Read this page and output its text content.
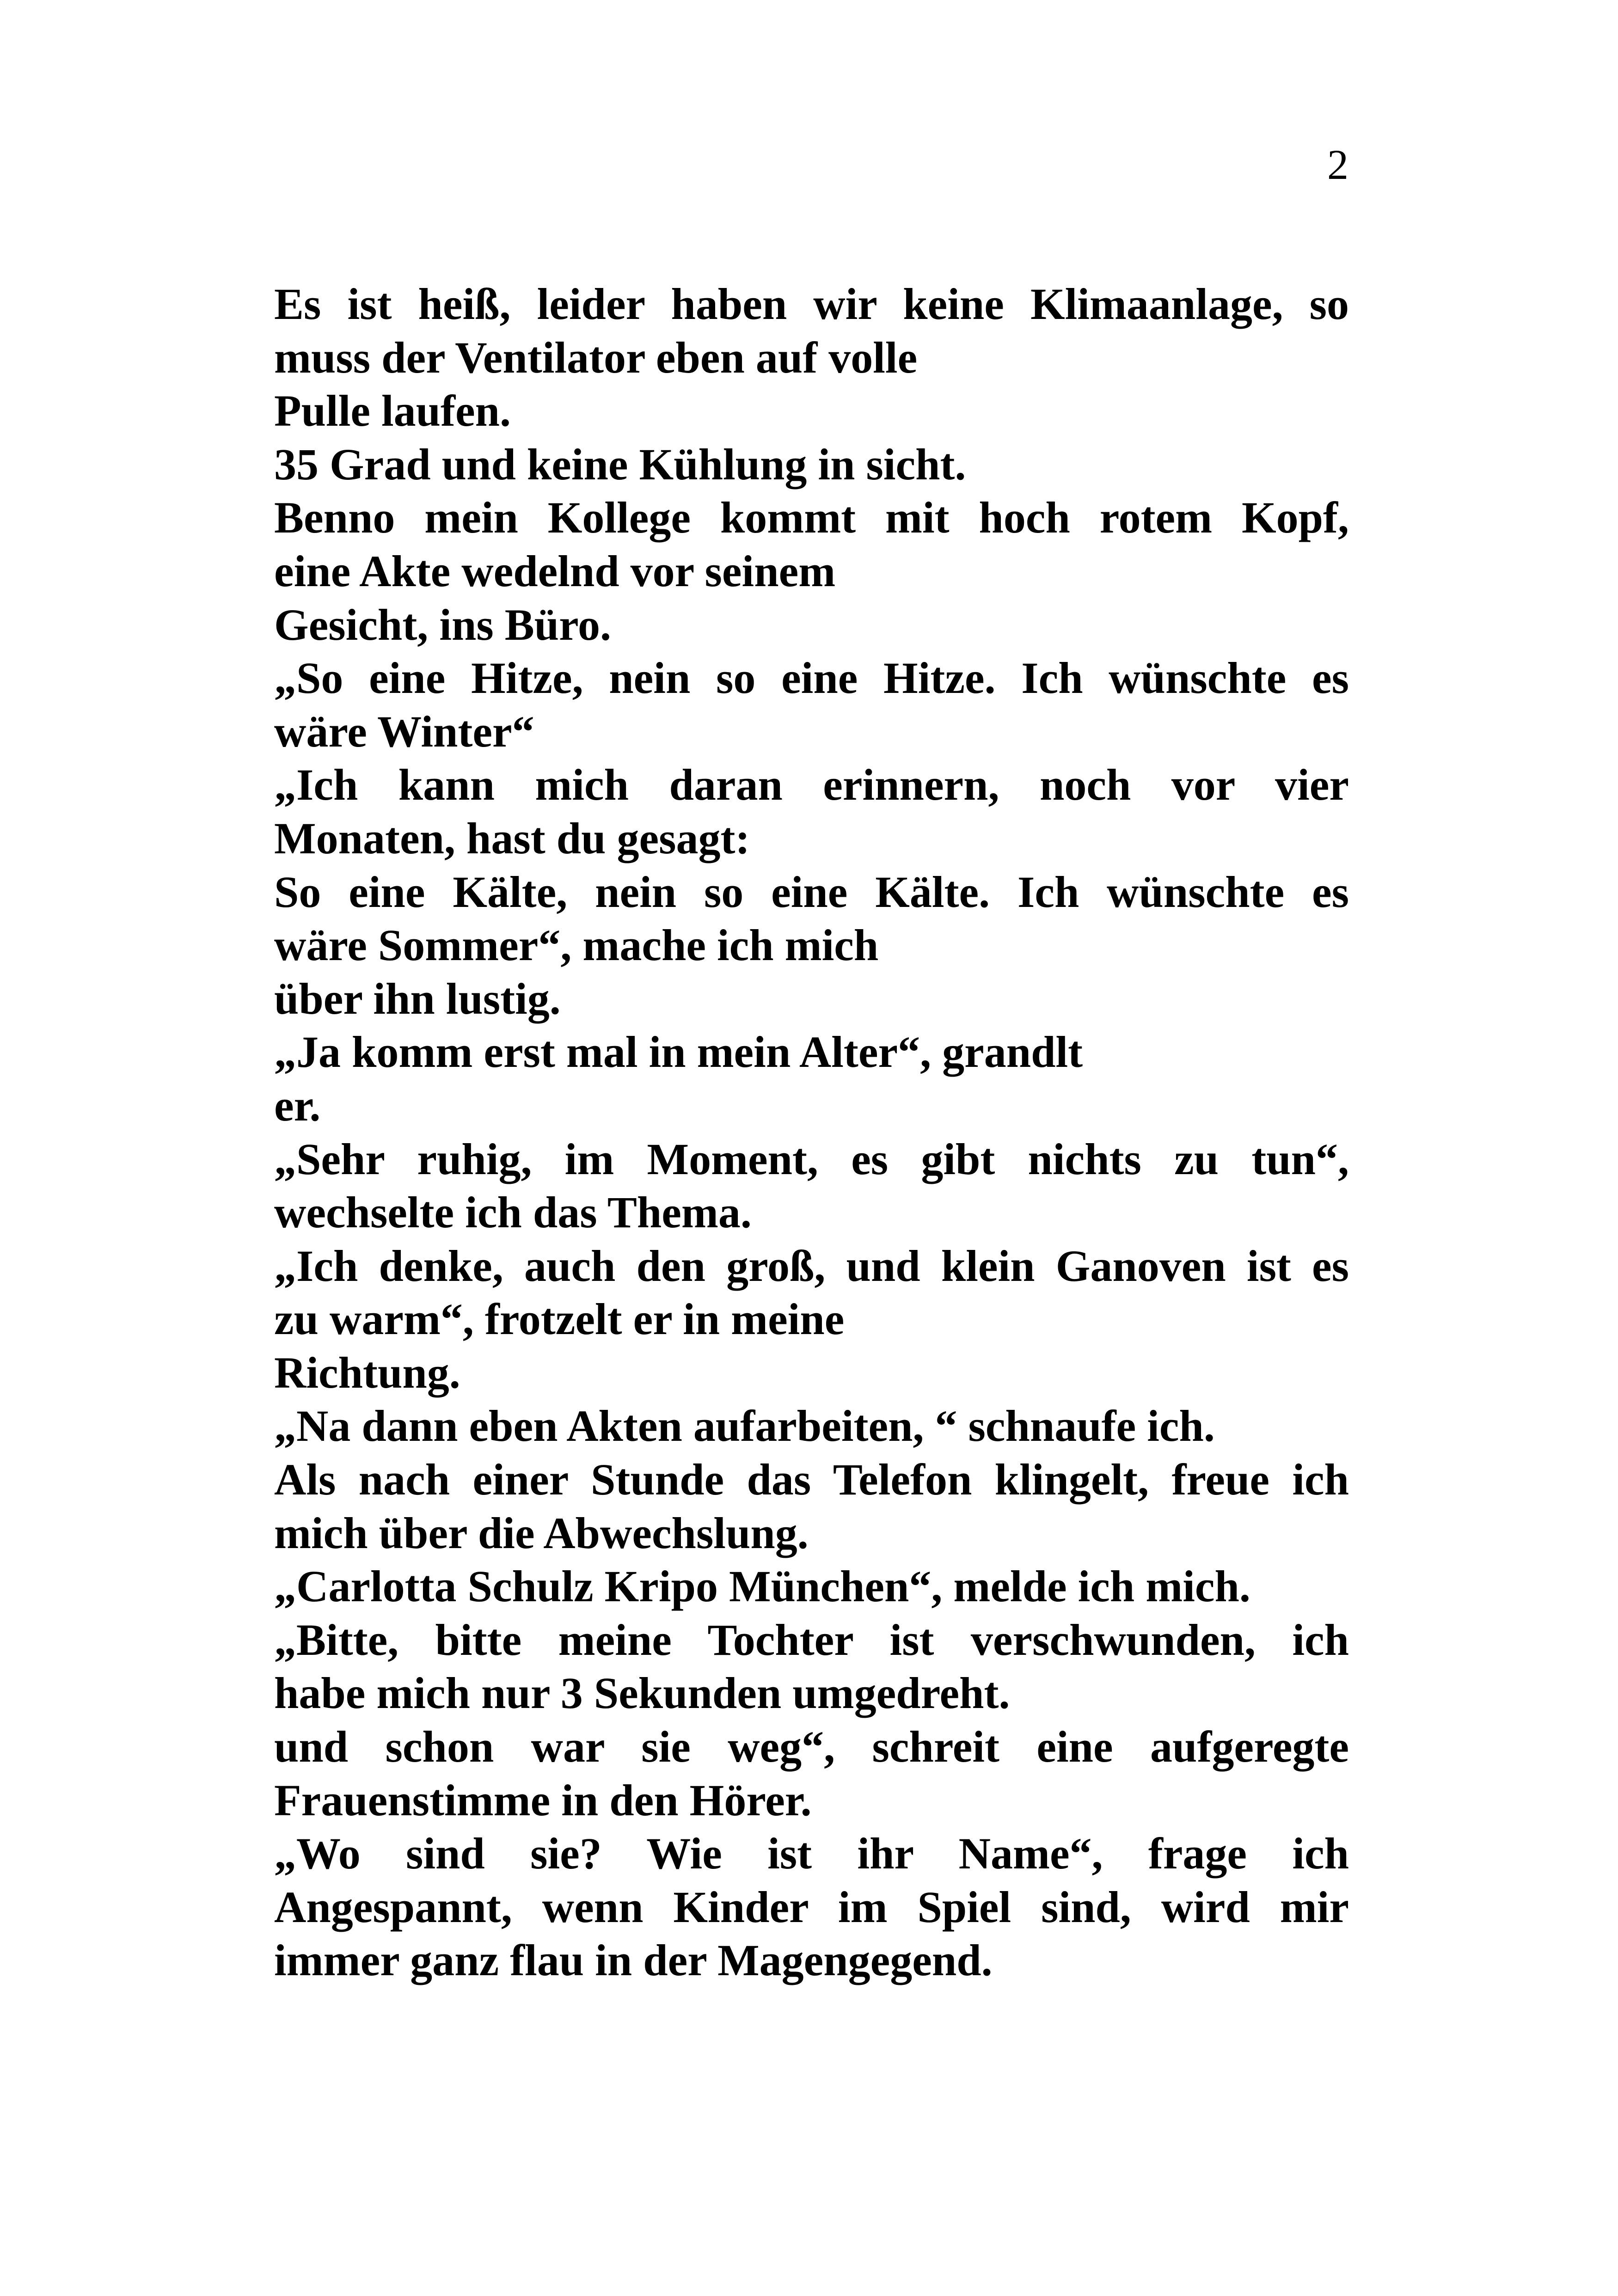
2
Es ist heiß, leider haben wir keine Klimaanlage, so
muss der Ventilator eben auf volle
Pulle laufen.
35 Grad und keine Kühlung in sicht.
Benno mein Kollege kommt mit hoch rotem Kopf,
eine Akte wedelnd vor seinem
Gesicht, ins Büro.
„So eine Hitze, nein so eine Hitze. Ich wünschte es
wäre Winter“
„Ich kann mich daran erinnern, noch vor vier
Monaten, hast du gesagt:
So eine Kälte, nein so eine Kälte. Ich wünschte es
wäre Sommer“, mache ich mich
über ihn lustig.
„Ja komm erst mal in mein Alter“, grandlt
er.
„Sehr ruhig, im Moment, es gibt nichts zu tun“,
wechselte ich das Thema.
„Ich denke, auch den groß, und klein Ganoven ist es
zu warm“, frotzelt er in meine
Richtung.
„Na dann eben Akten aufarbeiten, “ schnaufe ich.
Als nach einer Stunde das Telefon klingelt, freue ich
mich über die Abwechslung.
„Carlotta Schulz Kripo München“, melde ich mich.
„Bitte, bitte meine Tochter ist verschwunden, ich
habe mich nur 3 Sekunden umgedreht.
und schon war sie weg“, schreit eine aufgeregte
Frauenstimme in den Hörer.
„Wo sind sie? Wie ist ihr Name“, frage ich
Angespannt, wenn Kinder im Spiel sind, wird mir
immer ganz flau in der Magengegend.
